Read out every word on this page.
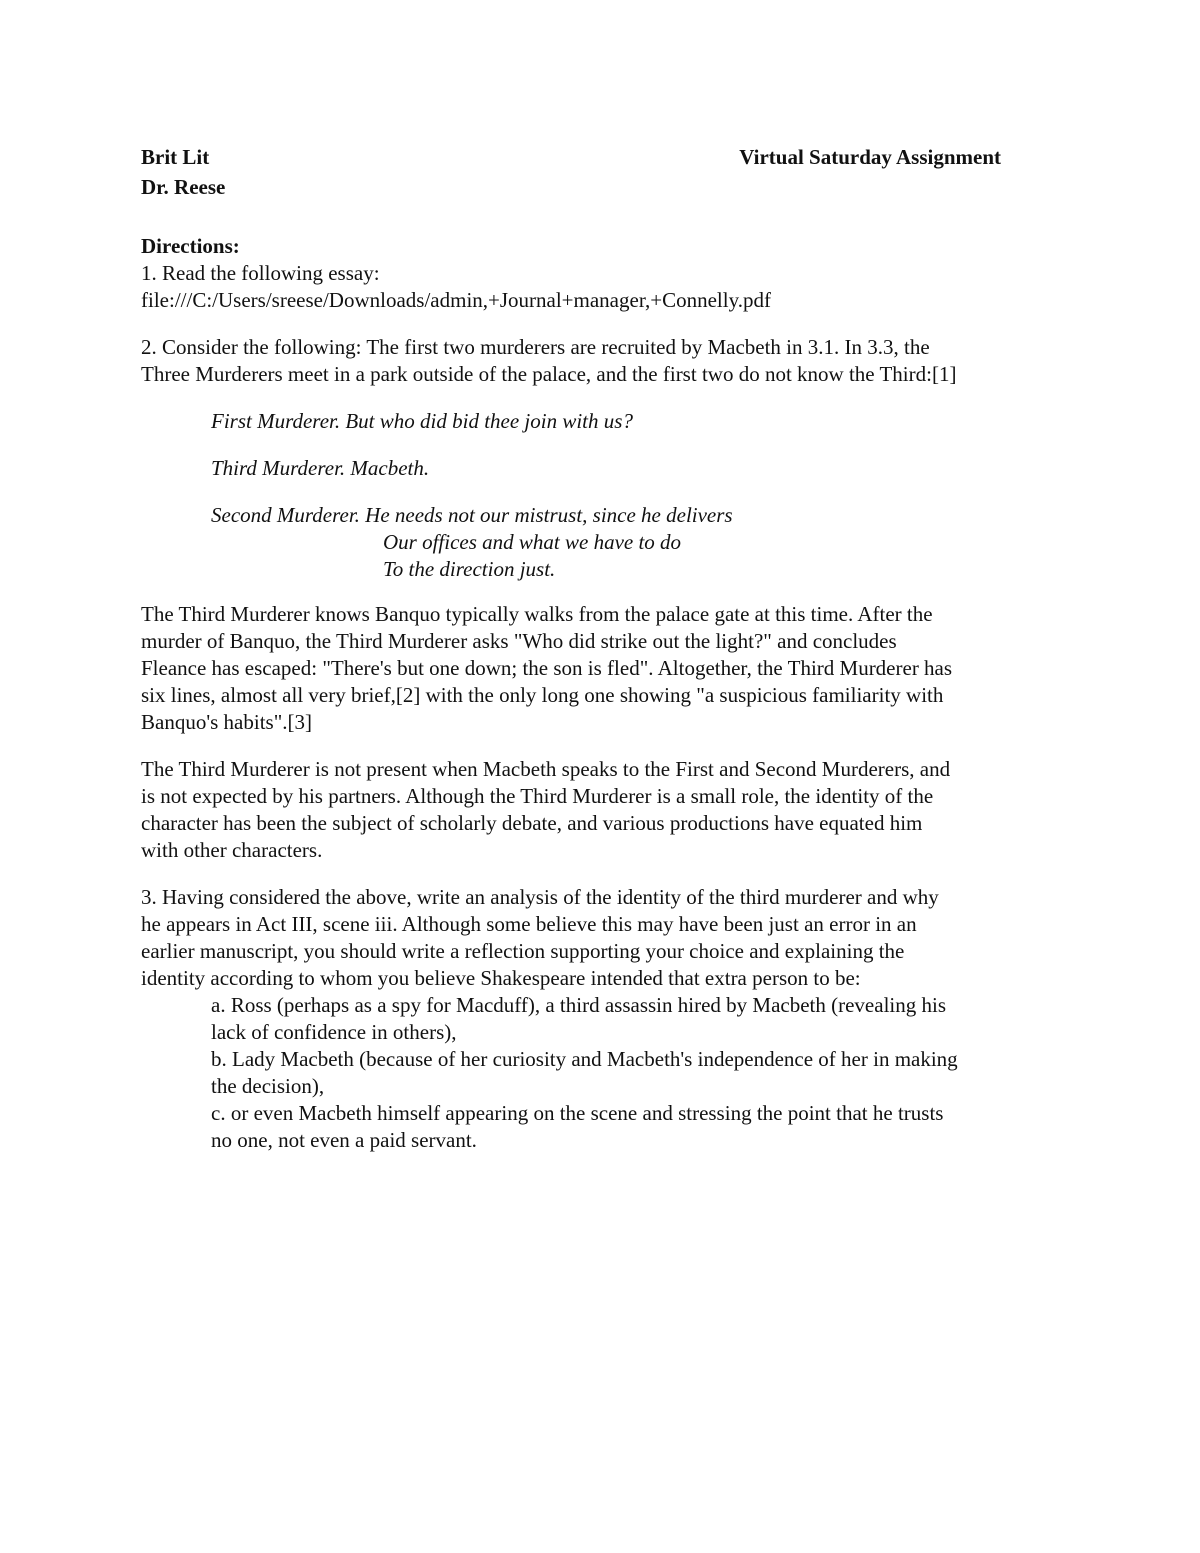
Brit Lit	Virtual Saturday Assignment
Dr. Reese
Directions:
1. Read the following essay:
file:///C:/Users/sreese/Downloads/admin,+Journal+manager,+Connelly.pdf
2. Consider the following: The first two murderers are recruited by Macbeth in 3.1. In 3.3, the
Three Murderers meet in a park outside of the palace, and the first two do not know the Third:[1]
First Murderer. But who did bid thee join with us?
Third Murderer. Macbeth.
Second Murderer. He needs not our mistrust, since he delivers
Our offices and what we have to do
To the direction just.
The Third Murderer knows Banquo typically walks from the palace gate at this time. After the
murder of Banquo, the Third Murderer asks "Who did strike out the light?" and concludes
Fleance has escaped: "There's but one down; the son is fled". Altogether, the Third Murderer has
six lines, almost all very brief,[2] with the only long one showing "a suspicious familiarity with
Banquo's habits".[3]
The Third Murderer is not present when Macbeth speaks to the First and Second Murderers, and
is not expected by his partners. Although the Third Murderer is a small role, the identity of the
character has been the subject of scholarly debate, and various productions have equated him
with other characters.
3. Having considered the above, write an analysis of the identity of the third murderer and why
he appears in Act III, scene iii. Although some believe this may have been just an error in an
earlier manuscript, you should write a reflection supporting your choice and explaining the
identity according to whom you believe Shakespeare intended that extra person to be:
a. Ross (perhaps as a spy for Macduff), a third assassin hired by Macbeth (revealing his
lack of confidence in others),
b. Lady Macbeth (because of her curiosity and Macbeth's independence of her in making
the decision),
c. or even Macbeth himself appearing on the scene and stressing the point that he trusts
no one, not even a paid servant.
